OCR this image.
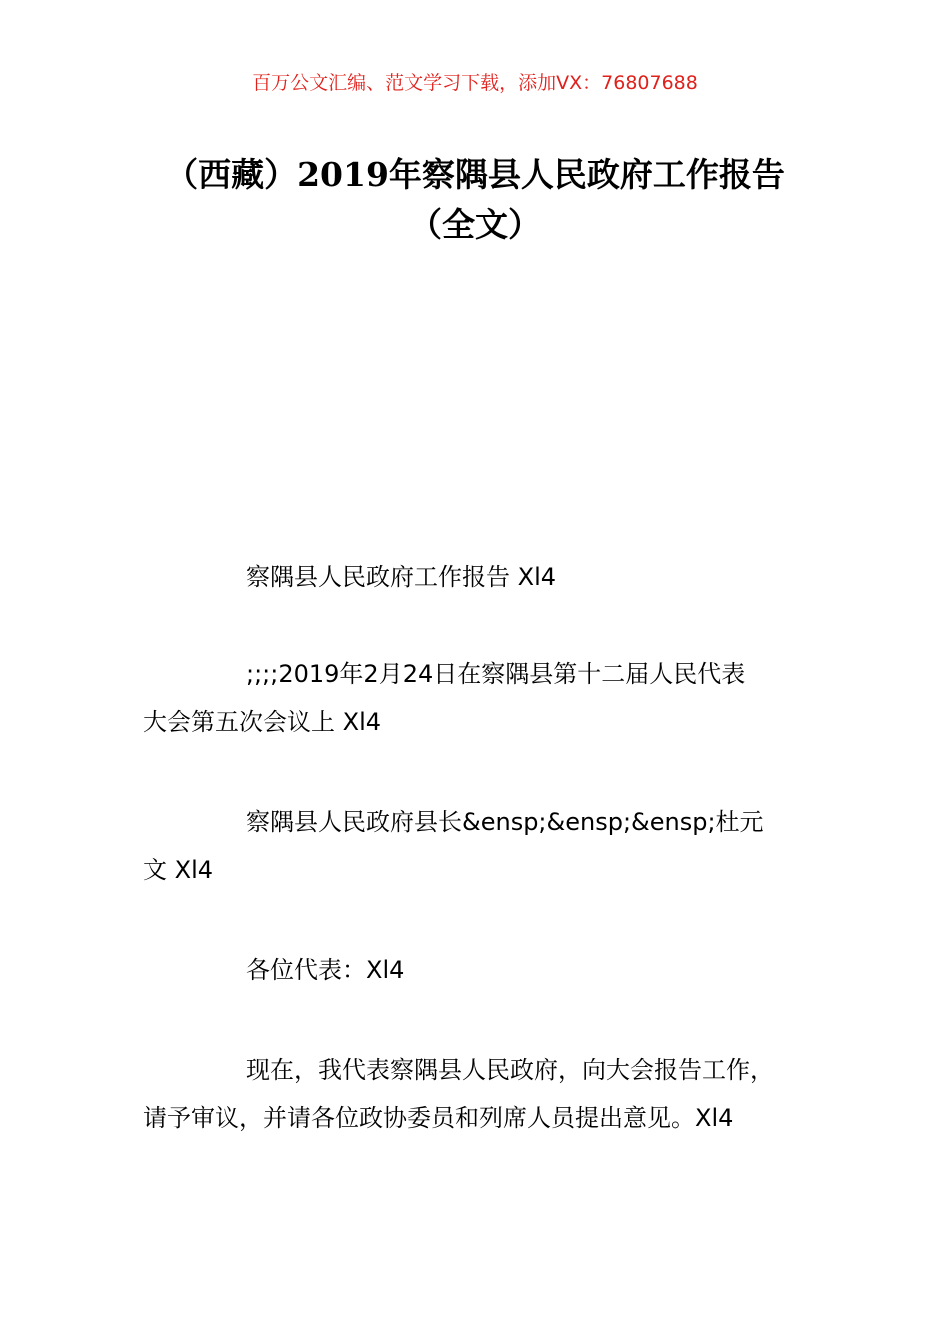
百万公文汇编、范文学习下载，添加VX：76807688
（西藏）2019年察隅县人民政府工作报告
（全文）

察隅县人民政府工作报告 Xl4

;;;;2019年2月24日在察隅县第十二届人民代表
大会第五次会议上 Xl4

察隅县人民政府县长&ensp;&ensp;&ensp;杜元
文 Xl4

各位代表：Xl4

现在，我代表察隅县人民政府，向大会报告工作，
请予审议，并请各位政协委员和列席人员提出意见。Xl4
